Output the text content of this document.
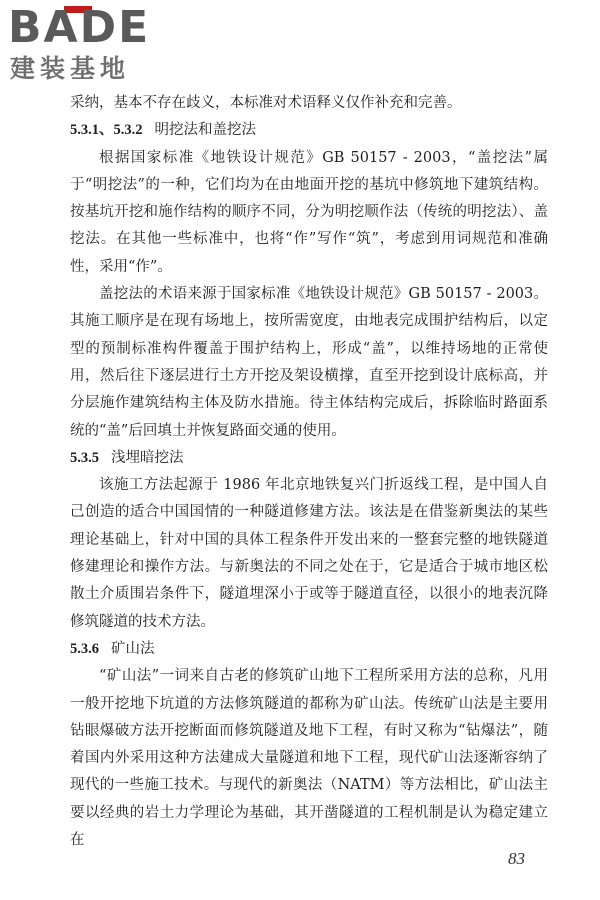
BADE

建装基地

采纳，基本不存在歧义，本标准对术语释义仅作补充和完善。

5.3.1、5.3.2 明挖法和盖挖法

根据国家标准《地铁设计规范》GB 50157 - 2003，“盖挖法”属于“明挖法”的一种，它们均为在由地面开挖的基坑中修筑地下建筑结构。按基坑开挖和施作结构的顺序不同，分为明挖顺作法（传统的明挖法）、盖挖法。在其他一些标准中，也将“作”写作“筑”，考虑到用词规范和准确性，采用“作”。

盖挖法的术语来源于国家标准《地铁设计规范》GB 50157 - 2003。其施工顺序是在现有场地上，按所需宽度，由地表完成围护结构后，以定型的预制标准构件覆盖于围护结构上，形成“盖”，以维持场地的正常使用，然后往下逐层进行土方开挖及架设横撑，直至开挖到设计底标高，并分层施作建筑结构主体及防水措施。待主体结构完成后，拆除临时路面系统的“盖”后回填土并恢复路面交通的使用。

5.3.5 浅埋暗挖法

该施工方法起源于 1986 年北京地铁复兴门折返线工程，是中国人自己创造的适合中国国情的一种隧道修建方法。该法是在借鉴新奥法的某些理论基础上，针对中国的具体工程条件开发出来的一整套完整的地铁隧道修建理论和操作方法。与新奥法的不同之处在于，它是适合于城市地区松散土介质围岩条件下，隧道埋深小于或等于隧道直径，以很小的地表沉降修筑隧道的技术方法。

5.3.6 矿山法

“矿山法”一词来自古老的修筑矿山地下工程所采用方法的总称，凡用一般开挖地下坑道的方法修筑隧道的都称为矿山法。传统矿山法是主要用钻眼爆破方法开挖断面而修筑隧道及地下工程，有时又称为“钻爆法”，随着国内外采用这种方法建成大量隧道和地下工程，现代矿山法逐渐容纳了现代的一些施工技术。与现代的新奥法（NATM）等方法相比，矿山法主要以经典的岩土力学理论为基础，其开凿隧道的工程机制是认为稳定建立在

83
